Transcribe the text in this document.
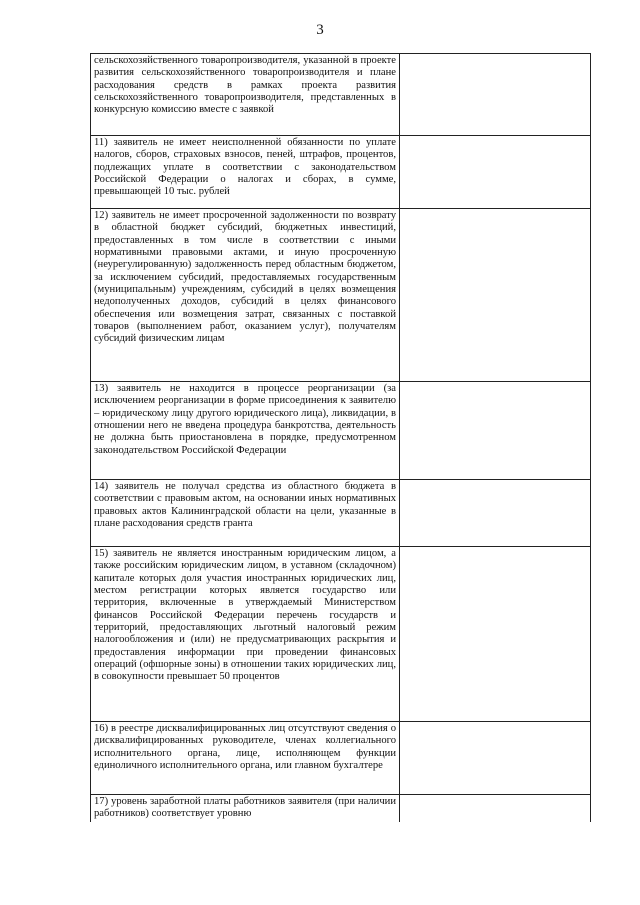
3
сельскохозяйственного товаропроизводителя, указанной в проекте развития сельскохозяйственного товаропроизводителя и плане расходования средств в рамках проекта развития сельскохозяйственного товаропроизводителя, представленных в конкурсную комиссию вместе с заявкой	
11) заявитель не имеет неисполненной обязанности по уплате налогов, сборов, страховых взносов, пеней, штрафов, процентов, подлежащих уплате в соответствии с законодательством Российской Федерации о налогах и сборах, в сумме, превышающей 10 тыс. рублей	
12) заявитель не имеет просроченной задолженности по возврату в областной бюджет субсидий, бюджетных инвестиций, предоставленных в том числе в соответствии с иными нормативными правовыми актами, и иную просроченную (неурегулированную) задолженность перед областным бюджетом, за исключением субсидий, предоставляемых государственным (муниципальным) учреждениям, субсидий в целях возмещения недополученных доходов, субсидий в целях финансового обеспечения или возмещения затрат, связанных с поставкой товаров (выполнением работ, оказанием услуг), получателям субсидий физическим лицам	
13) заявитель не находится в процессе реорганизации (за исключением реорганизации в форме присоединения к заявителю – юридическому лицу другого юридического лица), ликвидации, в отношении него не введена процедура банкротства, деятельность не должна быть приостановлена в порядке, предусмотренном законодательством Российской Федерации	
14) заявитель не получал средства из областного бюджета в соответствии с правовым актом, на основании иных нормативных правовых актов Калининградской области на цели, указанные в плане расходования средств гранта	
15) заявитель не является иностранным юридическим лицом, а также российским юридическим лицом, в уставном (складочном) капитале которых доля участия иностранных юридических лиц, местом регистрации которых является государство или территория, включенные в утверждаемый Министерством финансов Российской Федерации перечень государств и территорий, предоставляющих льготный налоговый режим налогообложения и (или) не предусматривающих раскрытия и предоставления информации при проведении финансовых операций (офшорные зоны) в отношении таких юридических лиц, в совокупности превышает 50 процентов	
16) в реестре дисквалифицированных лиц отсутствуют сведения о дисквалифицированных руководителе, членах коллегиального исполнительного органа, лице, исполняющем функции единоличного исполнительного органа, или главном бухгалтере	
17) уровень заработной платы работников заявителя (при наличии работников) соответствует уровню	
